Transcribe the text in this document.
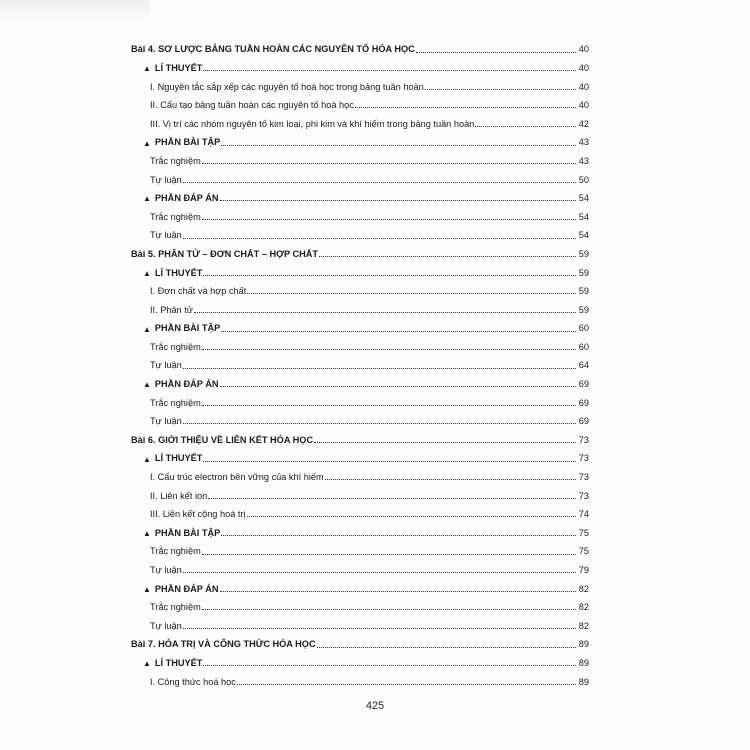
Bài 4. SƠ LƯỢC BẢNG TUẦN HOÀN CÁC NGUYÊN TỐ HÓA HỌC	40
▲ LÍ THUYẾT	40
I. Nguyên tắc sắp xếp các nguyên tố hoá học trong bảng tuần hoàn	40
II. Cấu tạo bảng tuần hoàn các nguyên tố hoá học	40
III. Vị trí các nhóm nguyên tố kim loại, phi kim và khí hiếm trong bảng tuần hoàn	42
▲ PHẦN BÀI TẬP	43
Trắc nghiệm	43
Tự luận	50
▲ PHẦN ĐÁP ÁN	54
Trắc nghiệm	54
Tự luận	54
Bài 5. PHÂN TỬ – ĐƠN CHẤT – HỢP CHẤT	59
▲ LÍ THUYẾT	59
I. Đơn chất và hợp chất	59
II. Phân tử	59
▲ PHẦN BÀI TẬP	60
Trắc nghiệm	60
Tự luận	64
▲ PHẦN ĐÁP ÁN	69
Trắc nghiệm	69
Tự luận	69
Bài 6. GIỚI THIỆU VỀ LIÊN KẾT HÓA HỌC	73
▲ LÍ THUYẾT	73
I. Cấu trúc electron bền vững của khí hiếm	73
II. Liên kết ion	73
III. Liên kết cộng hoá trị	74
▲ PHẦN BÀI TẬP	75
Trắc nghiệm	75
Tự luận	79
▲ PHẦN ĐÁP ÁN	82
Trắc nghiệm	82
Tự luận	82
Bài 7. HÓA TRỊ VÀ CÔNG THỨC HÓA HỌC	89
▲ LÍ THUYẾT	89
I. Công thức hoá học	89
425
